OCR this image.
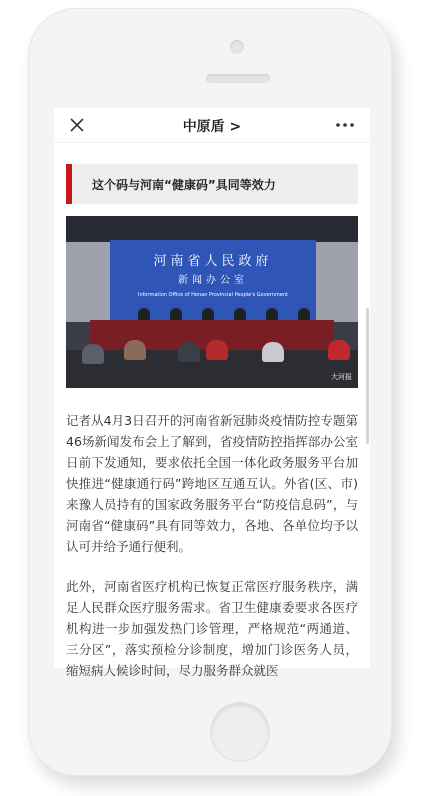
中原盾 >
这个码与河南“健康码”具同等效力
河南省人民政府
新闻办公室
Information Office of Henan Provincial People's Government
大河报

记者从4月3日召开的河南省新冠肺炎疫情防控专题第46场新闻发布会上了解到，省疫情防控指挥部办公室日前下发通知，要求依托全国一体化政务服务平台加快推进“健康通行码”跨地区互通互认。外省(区、市)来豫人员持有的国家政务服务平台“防疫信息码”，与河南省“健康码”具有同等效力，各地、各单位均予以认可并给予通行便利。

此外，河南省医疗机构已恢复正常医疗服务秩序，满足人民群众医疗服务需求。省卫生健康委要求各医疗机构进一步加强发热门诊管理，严格规范“两通道、三分区”，落实预检分诊制度，增加门诊医务人员，缩短病人候诊时间，尽力服务群众就医
